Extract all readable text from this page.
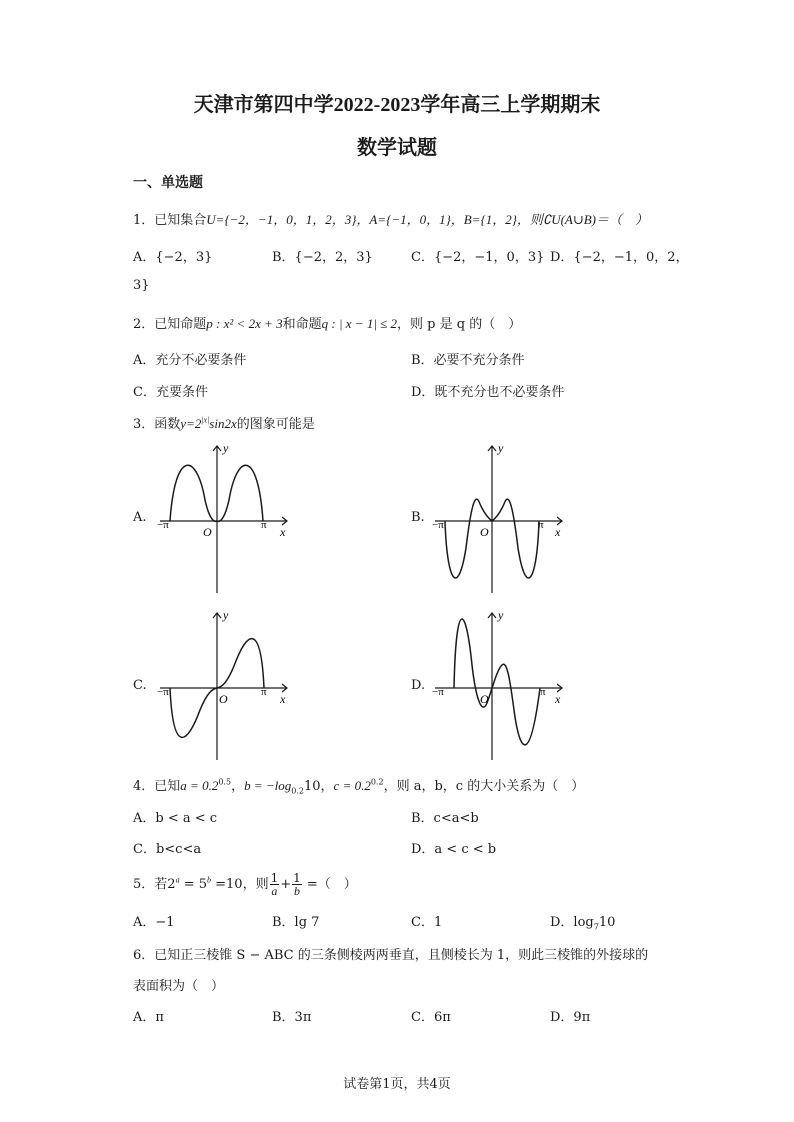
天津市第四中学2022-2023学年高三上学期期末
数学试题
一、单选题
1．已知集合U={−2，−1，0，1，2，3}，A={−1，0，1}，B={1，2}，则∁U(A∪B)＝（　）
A．{−2，3}	B．{−2，2，3}	C．{−2，−1，0，3} D．{−2，−1，0，2，
3}
2．已知命题p : x² < 2x + 3和命题q : | x − 1| ≤ 2，则 p 是 q 的（　）
A．充分不必要条件	B．必要不充分条件
C．充要条件	D．既不充分也不必要条件
3．函数$y=2^{|x|}\sin 2x$的图象可能是
A.
y
x
O
−π	π	B.
y
x
O
−π	π
C.
y
x
O
−π	π	D.
y
x
O
−π	π
4．已知$a = 0.2^{0.5}$，$b = -\log_{0.2}10$，$c = 0.2^{0.2}$，则 a，b，c 的大小关系为（　）
A．b < a < c	B．c<a<b
C．b<c<a	D．a < c < b
5．若$2^a = 5^b =10$，则 $\frac{1}{a} + \frac{1}{b}$ =（　）
A．−1	B．lg 7	C．1	D．$\log_710$
6．已知正三棱锥 S − ABC 的三条侧棱两两垂直，且侧棱长为 1，则此三棱锥的外接球的
表面积为（　）
A．π	B．3π	C．6π	D．9π
试卷第1页，共4页
